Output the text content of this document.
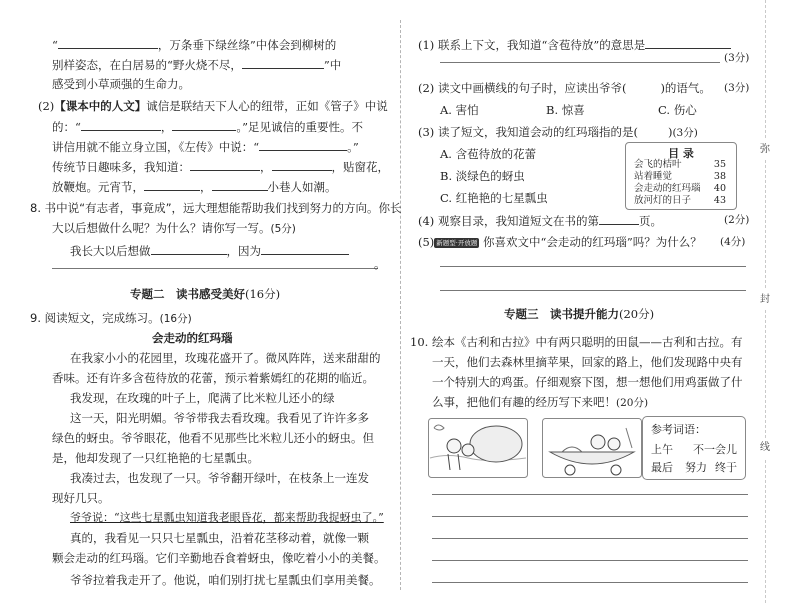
弥
封
线
“	，万条垂下绿丝绦”中体会到柳树的
别样姿态，在白居易的“野火烧不尽，	”中
感受到小草顽强的生命力。
(2)【课本中的人文】诚信是联结天下人心的纽带，正如《管子》中说
的：“	，	。”足见诚信的重要性。不
讲信用就不能立身立国，《左传》中说：“	。”
传统节日趣味多，我知道：	，	，贴窗花，
放鞭炮。元宵节，	，	小巷人如潮。
8. 书中说“有志者，事竟成”，远大理想能帮助我们找到努力的方向。你长
大以后想做什么呢？为什么？请你写一写。(5分)
我长大以后想做	，因为
。
专题二　读书感受美好(16分)
9. 阅读短文，完成练习。(16分)
会走动的红玛瑙
在我家小小的花园里，玫瑰花盛开了。微风阵阵，送来甜甜的
香味。还有许多含苞待放的花蕾，预示着紫嫣红的花期的临近。
我发现，在玫瑰的叶子上，爬满了比米粒儿还小的绿
这一天，阳光明媚。爷爷带我去看玫瑰。我看见了许许多多
绿色的蚜虫。爷爷眼花，他看不见那些比米粒儿还小的蚜虫。但
是，他却发现了一只红艳艳的七星瓢虫。
我凑过去，也发现了一只。爷爷翻开绿叶，在枝条上一连发
现好几只。
爷爷说：“这些七星瓢虫知道我老眼昏花，都来帮助我捉蚜虫了。”
真的，我看见一只只七星瓢虫，沿着花茎移动着，就像一颗
颗会走动的红玛瑙。它们辛勤地吞食着蚜虫，像吃着小小的美餐。
爷爷拉着我走开了。他说，咱们别打扰七星瓢虫们享用美餐。
(1) 联系上下文，我知道“含苞待放”的意思是
(3分)
(2) 读文中画横线的句子时，应读出爷爷(	)的语气。 (3分)
A. 害怕	B. 惊喜	C. 伤心
(3) 读了短文，我知道会动的红玛瑙指的是(	)(3分)
A. 含苞待放的花蕾
B. 淡绿色的蚜虫
C. 红艳艳的七星瓢虫
(4) 观察目录，我知道短文在书的第	页。	(2分)
(5) 新题型·开放题 你喜欢文中“会走动的红玛瑙”吗？为什么？ (4分)
专题三　读书提升能力(20分)
10. 绘本《古利和古拉》中有两只聪明的田鼠——古利和古拉。有
一天，他们去森林里摘苹果，回家的路上，他们发现路中央有
一个特别大的鸡蛋。仔细观察下图，想一想他们用鸡蛋做了什
么事，把他们有趣的经历写下来吧！(20分)
目 录
会飞的桔叶	35
站着睡觉	38
会走动的红玛瑙 40
放河灯的日子 43
参考词语：
上午 不一会儿
最后 努力 终于
